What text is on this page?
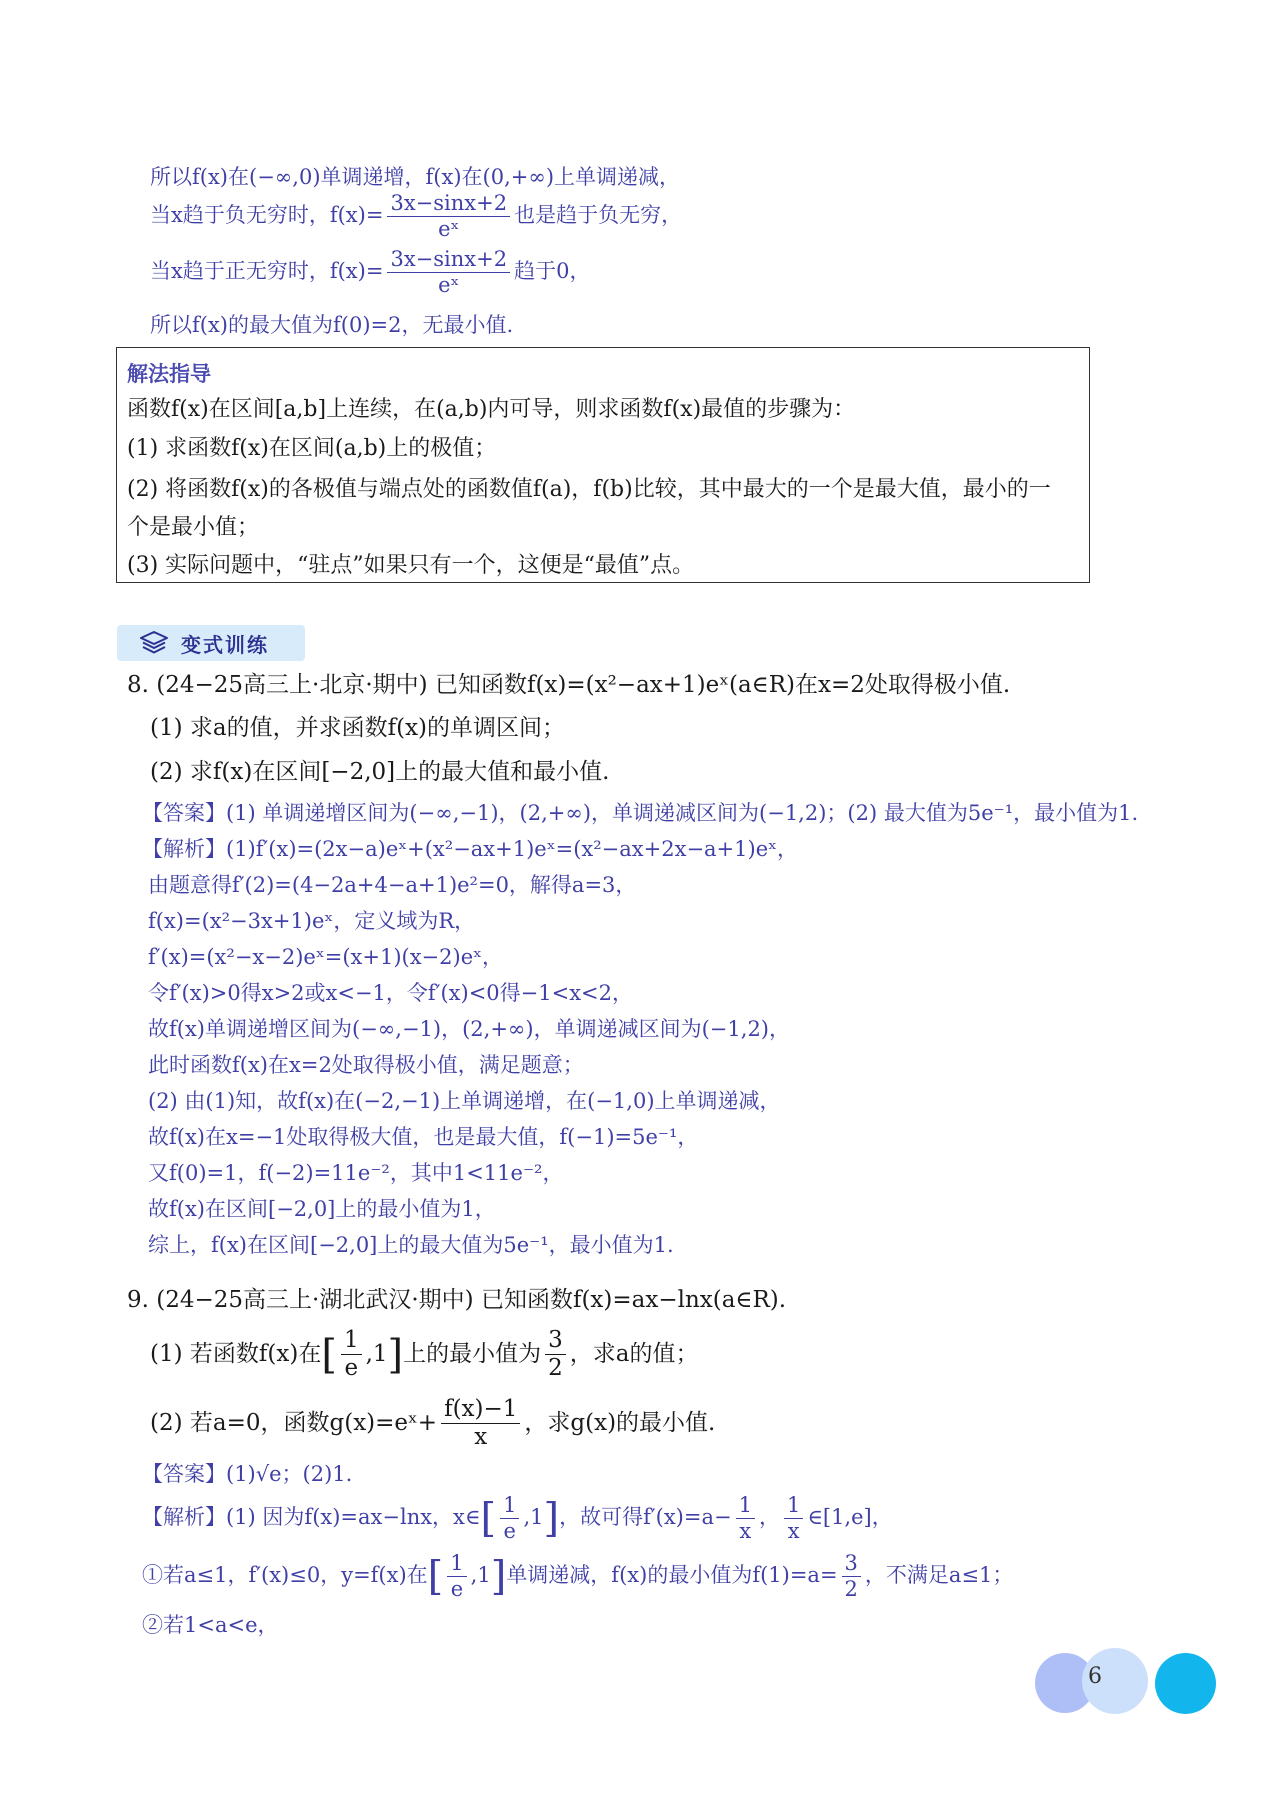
所以f(x)在(−∞,0)单调递增，f(x)在(0,+∞)上单调递减，
当x趋于负无穷时，$f(x)= \frac{3x-\sin x+2}{\text{eˣ}}$ 也是趋于负无穷，
当x趋于正无穷时，$f(x)= \frac{3x-\sin x+2}{\text{eˣ}}$ 趋于0，
所以f(x)的最大值为f(0)=2，无最小值.
解法指导
函数f(x)在区间[a,b]上连续，在(a,b)内可导，则求函数f(x)最值的步骤为：
(1) 求函数f(x)在区间(a,b)上的极值；
(2) 将函数f(x)的各极值与端点处的函数值f(a)，f(b)比较，其中最大的一个是最大值，最小的一
个是最小值；
(3) 实际问题中，“驻点”如果只有一个，这便是“最值”点。
变式训练
8. (24−25高三上·北京·期中) 已知函数f(x)=(x²−ax+1)eˣ(a∈R)在x=2处取得极小值.
(1) 求a的值，并求函数f(x)的单调区间；
(2) 求f(x)在区间[−2,0]上的最大值和最小值.
【答案】(1) 单调递增区间为(−∞,−1)，(2,+∞)，单调递减区间为(−1,2)；(2) 最大值为5e⁻¹，最小值为1.
【解析】(1)f′(x)=(2x−a)eˣ+(x²−ax+1)eˣ=(x²−ax+2x−a+1)eˣ，
由题意得f′(2)=(4−2a+4−a+1)e²=0，解得a=3，
f(x)=(x²−3x+1)eˣ，定义域为R，
f′(x)=(x²−x−2)eˣ=(x+1)(x−2)eˣ，
令f′(x)>0得x>2或x<−1，令f′(x)<0得−1<x<2，
故f(x)单调递增区间为(−∞,−1)，(2,+∞)，单调递减区间为(−1,2)，
此时函数f(x)在x=2处取得极小值，满足题意；
(2) 由(1)知，故f(x)在(−2,−1)上单调递增，在(−1,0)上单调递减，
故f(x)在x=−1处取得极大值，也是最大值，f(−1)=5e⁻¹，
又f(0)=1，f(−2)=11e⁻²，其中1<11e⁻²，
故f(x)在区间[−2,0]上的最小值为1，
综上，f(x)在区间[−2,0]上的最大值为5e⁻¹，最小值为1.
9. (24−25高三上·湖北武汉·期中) 已知函数f(x)=ax−lnx(a∈R).
(1) 若函数f(x)在[ $\frac{1}{e} ,1$]上的最小值为 $\frac{3}{2}$ ，求a的值；
(2) 若a=0，函数g(x)=eˣ+ $\frac{f(x)-1}{x}$ ，求g(x)的最小值.
【答案】(1)√e；(2)1.
【解析】(1) 因为f(x)=ax−lnx，x∈[ $\frac{1}{e} ,1$]，故可得$f'(x)=a- \frac{1}{x}$ ， $\frac{1}{x}$ ∈[1,e]，
①若a≤1，f′(x)≤0，y=f(x)在[ $\frac{1}{e} ,1$]单调递减，f(x)的最小值为$f(1)=a= \frac{3}{2}$ ，不满足a≤1；
②若1<a<e，
6
